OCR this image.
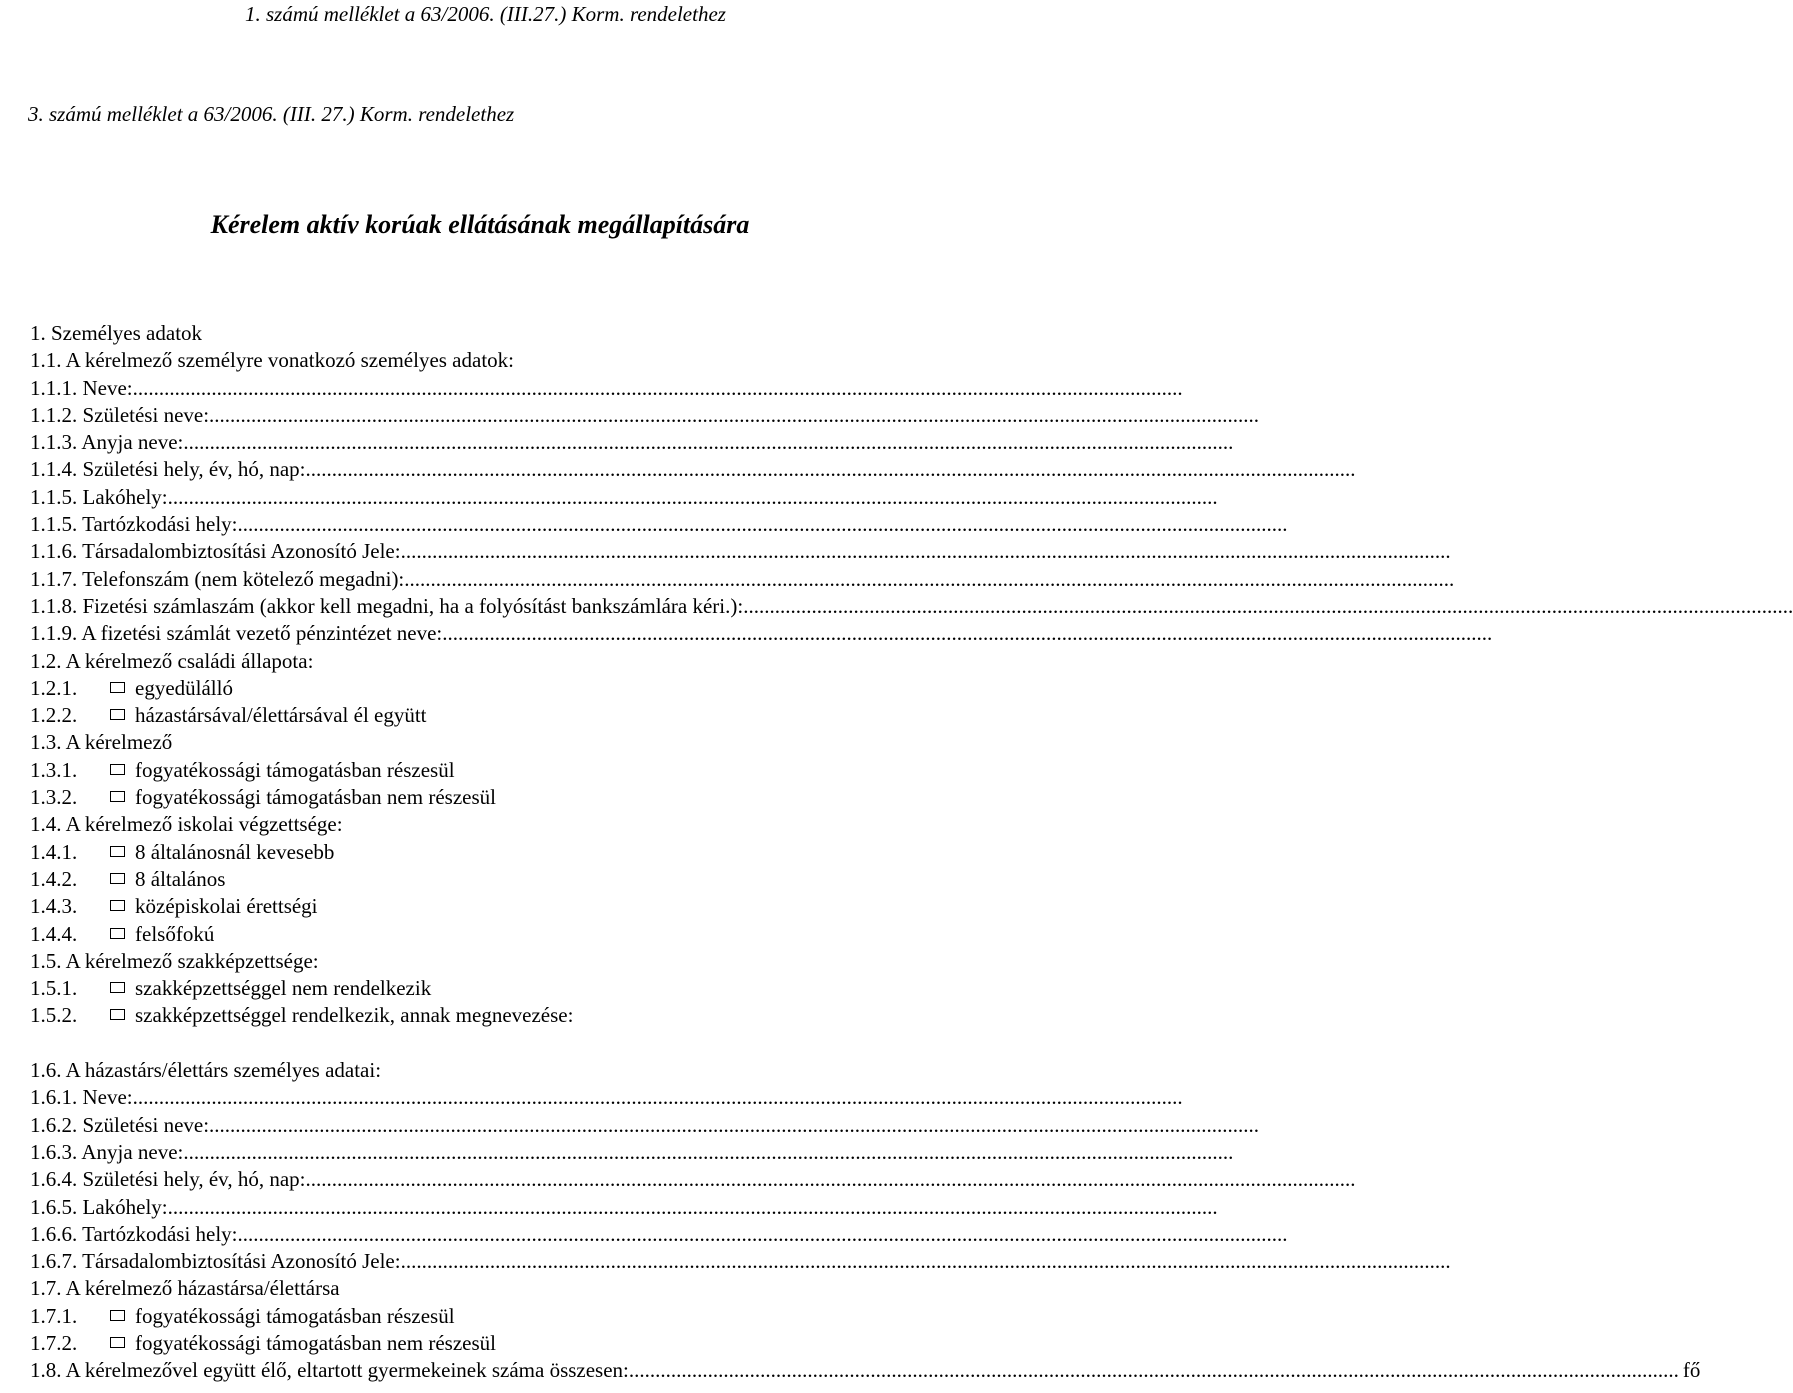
1. számú melléklet a 63/2006. (III.27.) Korm. rendelethez
3. számú melléklet a 63/2006. (III. 27.) Korm. rendelethez
Kérelem aktív korúak ellátásának megállapítására
1. Személyes adatok
1.1. A kérelmező személyre vonatkozó személyes adatok:
1.1.1. Neve: ........................................................................................................................................................................................................
1.1.2. Születési neve: ........................................................................................................................................................................................................
1.1.3. Anyja neve: ........................................................................................................................................................................................................
1.1.4. Születési hely, év, hó, nap: ........................................................................................................................................................................................................
1.1.5. Lakóhely: ........................................................................................................................................................................................................
1.1.5. Tartózkodási hely: ........................................................................................................................................................................................................
1.1.6. Társadalombiztosítási Azonosító Jele: ........................................................................................................................................................................................................
1.1.7. Telefonszám (nem kötelező megadni): ........................................................................................................................................................................................................
1.1.8. Fizetési számlaszám (akkor kell megadni, ha a folyósítást bankszámlára kéri.): ........................................................................................................................................................................................................
1.1.9. A fizetési számlát vezető pénzintézet neve: ........................................................................................................................................................................................................
1.2. A kérelmező családi állapota:
1.2.1.	egyedülálló
1.2.2.	házastársával/élettársával él együtt
1.3. A kérelmező
1.3.1.	fogyatékossági támogatásban részesül
1.3.2.	fogyatékossági támogatásban nem részesül
1.4. A kérelmező iskolai végzettsége:
1.4.1.	8 általánosnál kevesebb
1.4.2.	8 általános
1.4.3.	középiskolai érettségi
1.4.4.	felsőfokú
1.5. A kérelmező szakképzettsége:
1.5.1.	szakképzettséggel nem rendelkezik
1.5.2.	szakképzettséggel rendelkezik, annak megnevezése:
1.6. A házastárs/élettárs személyes adatai:
1.6.1. Neve: ........................................................................................................................................................................................................
1.6.2. Születési neve: ........................................................................................................................................................................................................
1.6.3. Anyja neve: ........................................................................................................................................................................................................
1.6.4. Születési hely, év, hó, nap: ........................................................................................................................................................................................................
1.6.5. Lakóhely: ........................................................................................................................................................................................................
1.6.6. Tartózkodási hely: ........................................................................................................................................................................................................
1.6.7. Társadalombiztosítási Azonosító Jele: ........................................................................................................................................................................................................
1.7. A kérelmező házastársa/élettársa
1.7.1.	fogyatékossági támogatásban részesül
1.7.2.	fogyatékossági támogatásban nem részesül
1.8. A kérelmezővel együtt élő, eltartott gyermekeinek száma összesen: ........................................................................................................................................................................................................ fő
